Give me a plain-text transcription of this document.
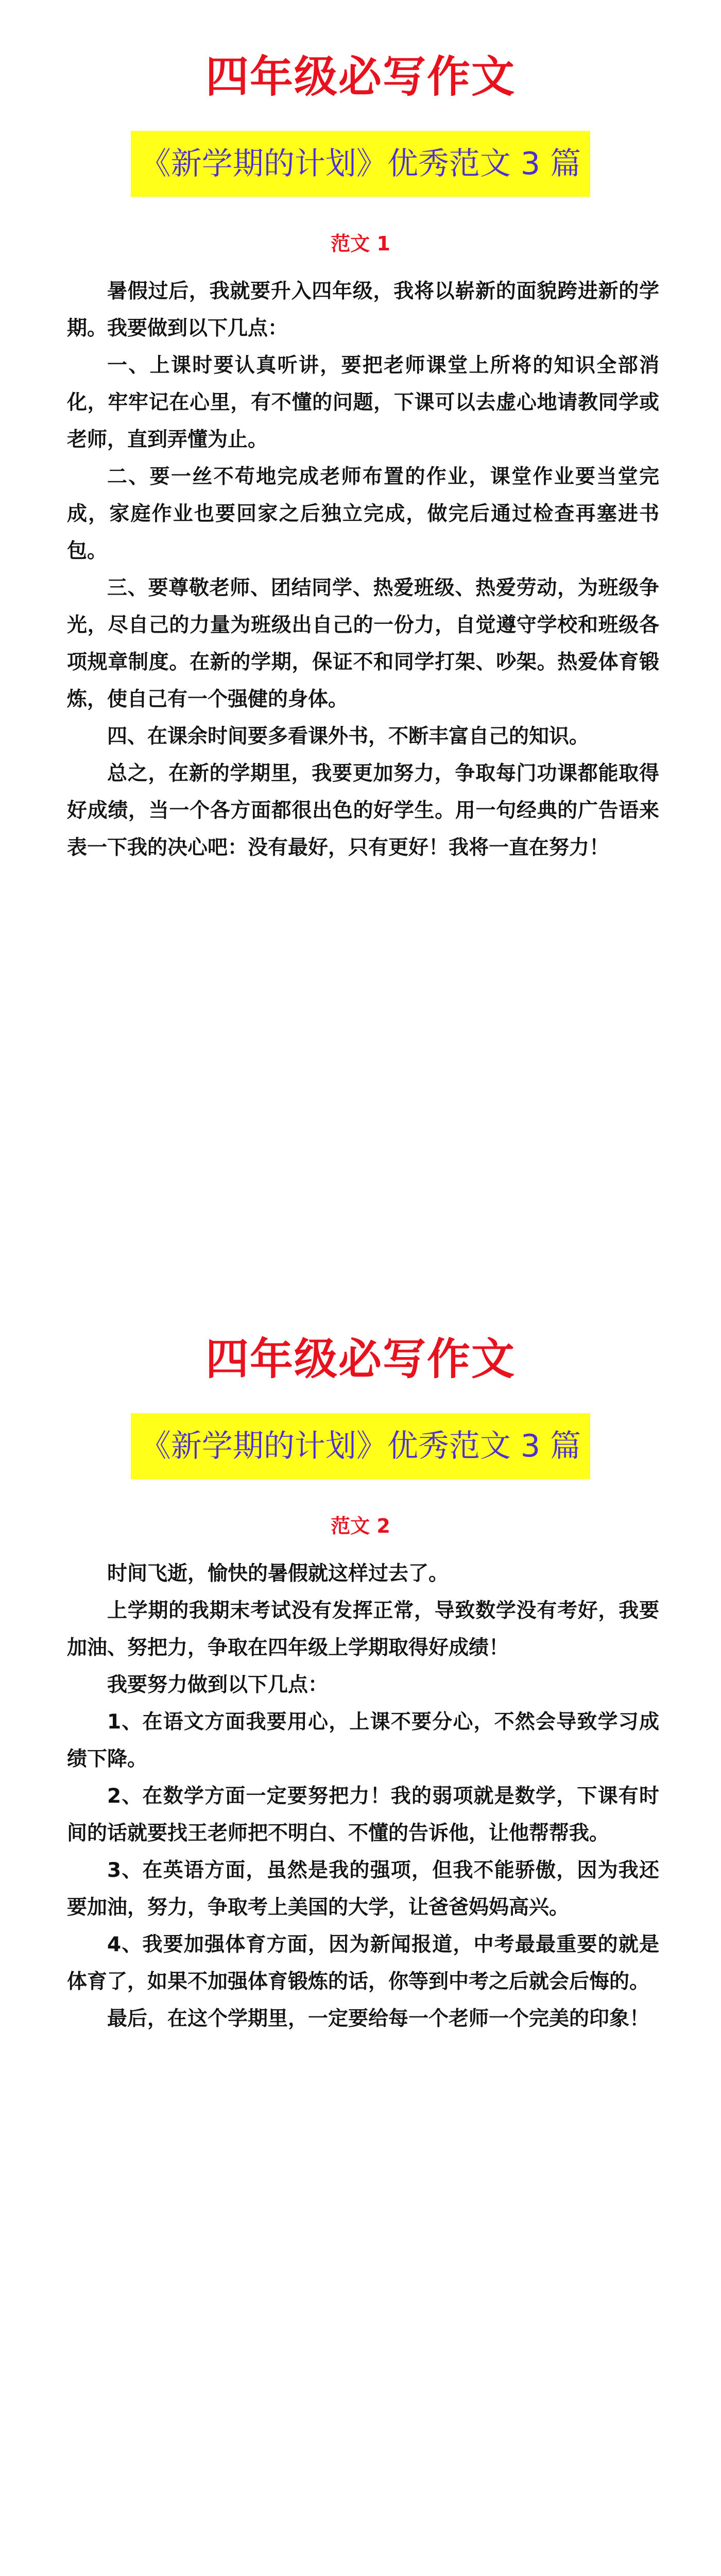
四年级必写作文
《新学期的计划》优秀范文 3 篇
范文 1

暑假过后，我就要升入四年级，我将以崭新的面貌跨进新的学期。我要做到以下几点：

一、上课时要认真听讲，要把老师课堂上所将的知识全部消化，牢牢记在心里，有不懂的问题，下课可以去虚心地请教同学或老师，直到弄懂为止。

二、要一丝不苟地完成老师布置的作业，课堂作业要当堂完成，家庭作业也要回家之后独立完成，做完后通过检查再塞进书包。

三、要尊敬老师、团结同学、热爱班级、热爱劳动，为班级争光，尽自己的力量为班级出自己的一份力，自觉遵守学校和班级各项规章制度。在新的学期，保证不和同学打架、吵架。热爱体育锻炼，使自己有一个强健的身体。

四、在课余时间要多看课外书，不断丰富自己的知识。

总之，在新的学期里，我要更加努力，争取每门功课都能取得好成绩，当一个各方面都很出色的好学生。用一句经典的广告语来表一下我的决心吧：没有最好，只有更好！我将一直在努力！

四年级必写作文
《新学期的计划》优秀范文 3 篇
范文 2

时间飞逝，愉快的暑假就这样过去了。

上学期的我期末考试没有发挥正常，导致数学没有考好，我要加油、努把力，争取在四年级上学期取得好成绩！

我要努力做到以下几点：

1、在语文方面我要用心，上课不要分心，不然会导致学习成绩下降。

2、在数学方面一定要努把力！我的弱项就是数学，下课有时间的话就要找王老师把不明白、不懂的告诉他，让他帮帮我。

3、在英语方面，虽然是我的强项，但我不能骄傲，因为我还要加油，努力，争取考上美国的大学，让爸爸妈妈高兴。

4、我要加强体育方面，因为新闻报道，中考最最重要的就是体育了，如果不加强体育锻炼的话，你等到中考之后就会后悔的。

最后，在这个学期里，一定要给每一个老师一个完美的印象！
